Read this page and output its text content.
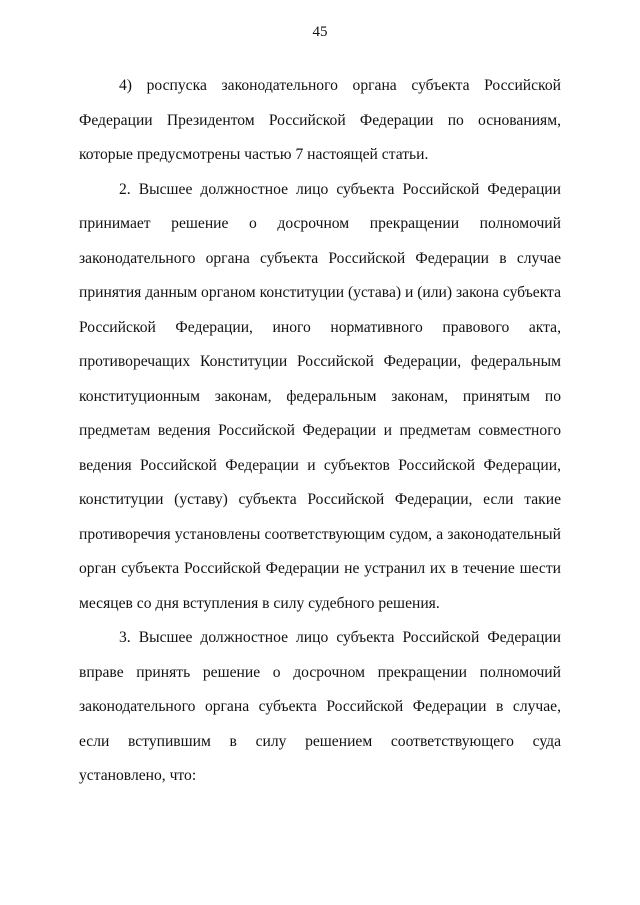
45

4) роспуска законодательного органа субъекта Российской Федерации Президентом Российской Федерации по основаниям, которые предусмотрены частью 7 настоящей статьи.

2. Высшее должностное лицо субъекта Российской Федерации принимает решение о досрочном прекращении полномочий законодательного органа субъекта Российской Федерации в случае принятия данным органом конституции (устава) и (или) закона субъекта Российской Федерации, иного нормативного правового акта, противоречащих Конституции Российской Федерации, федеральным конституционным законам, федеральным законам, принятым по предметам ведения Российской Федерации и предметам совместного ведения Российской Федерации и субъектов Российской Федерации, конституции (уставу) субъекта Российской Федерации, если такие противоречия установлены соответствующим судом, а законодательный орган субъекта Российской Федерации не устранил их в течение шести месяцев со дня вступления в силу судебного решения.

3. Высшее должностное лицо субъекта Российской Федерации вправе принять решение о досрочном прекращении полномочий законодательного органа субъекта Российской Федерации в случае, если вступившим в силу решением соответствующего суда установлено, что:
